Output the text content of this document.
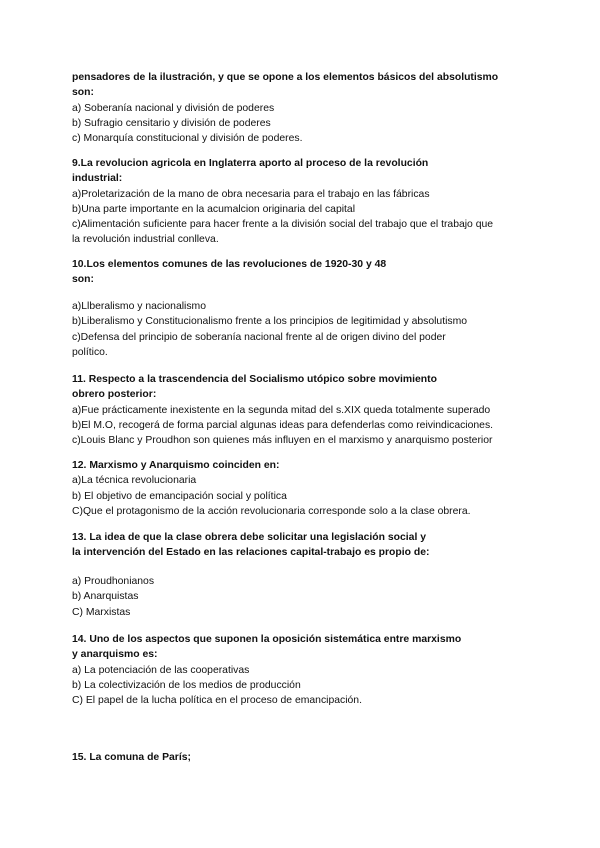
pensadores de la ilustración, y que se opone a los elementos básicos del absolutismo
son:
a) Soberanía nacional y división de poderes
b) Sufragio censitario y división de poderes
c) Monarquía constitucional y división de poderes.
9.La revolucion agricola en Inglaterra aporto al proceso de la revolución
industrial:
a)Proletarización de la mano de obra necesaria para el trabajo en las fábricas
b)Una parte importante en la acumalcion originaria del capital
c)Alimentación suficiente para hacer frente a la división social del trabajo que el trabajo que
la revolución industrial conlleva.
10.Los elementos comunes de las revoluciones de 1920-30 y 48
son:
a)Llberalismo y nacionalismo
b)Liberalismo y Constitucionalismo frente a los principios de legitimidad y absolutismo
c)Defensa del principio de soberanía nacional frente al de origen divino del poder
político.
11. Respecto a la trascendencia del Socialismo utópico sobre movimiento
obrero posterior:
a)Fue prácticamente inexistente en la segunda mitad del s.XIX queda totalmente superado
b)El M.O, recogerá de forma parcial algunas ideas para defenderlas como reivindicaciones.
c)Louis Blanc y Proudhon son quienes más influyen en el marxismo y anarquismo posterior
12. Marxismo y Anarquismo coinciden en:
a)La técnica revolucionaria
b) El objetivo de emancipación social y política
C)Que el protagonismo de la acción revolucionaria corresponde solo a la clase obrera.
13. La idea de que la clase obrera debe solicitar una legislación social y
la intervención del Estado en las relaciones capital-trabajo es propio de:
a) Proudhonianos
b) Anarquistas
C) Marxistas
14. Uno de los aspectos que suponen la oposición sistemática entre marxismo
y anarquismo es:
a) La potenciación de las cooperativas
b) La colectivización de los medios de producción
C) El papel de la lucha política en el proceso de emancipación.
15. La comuna de París;
